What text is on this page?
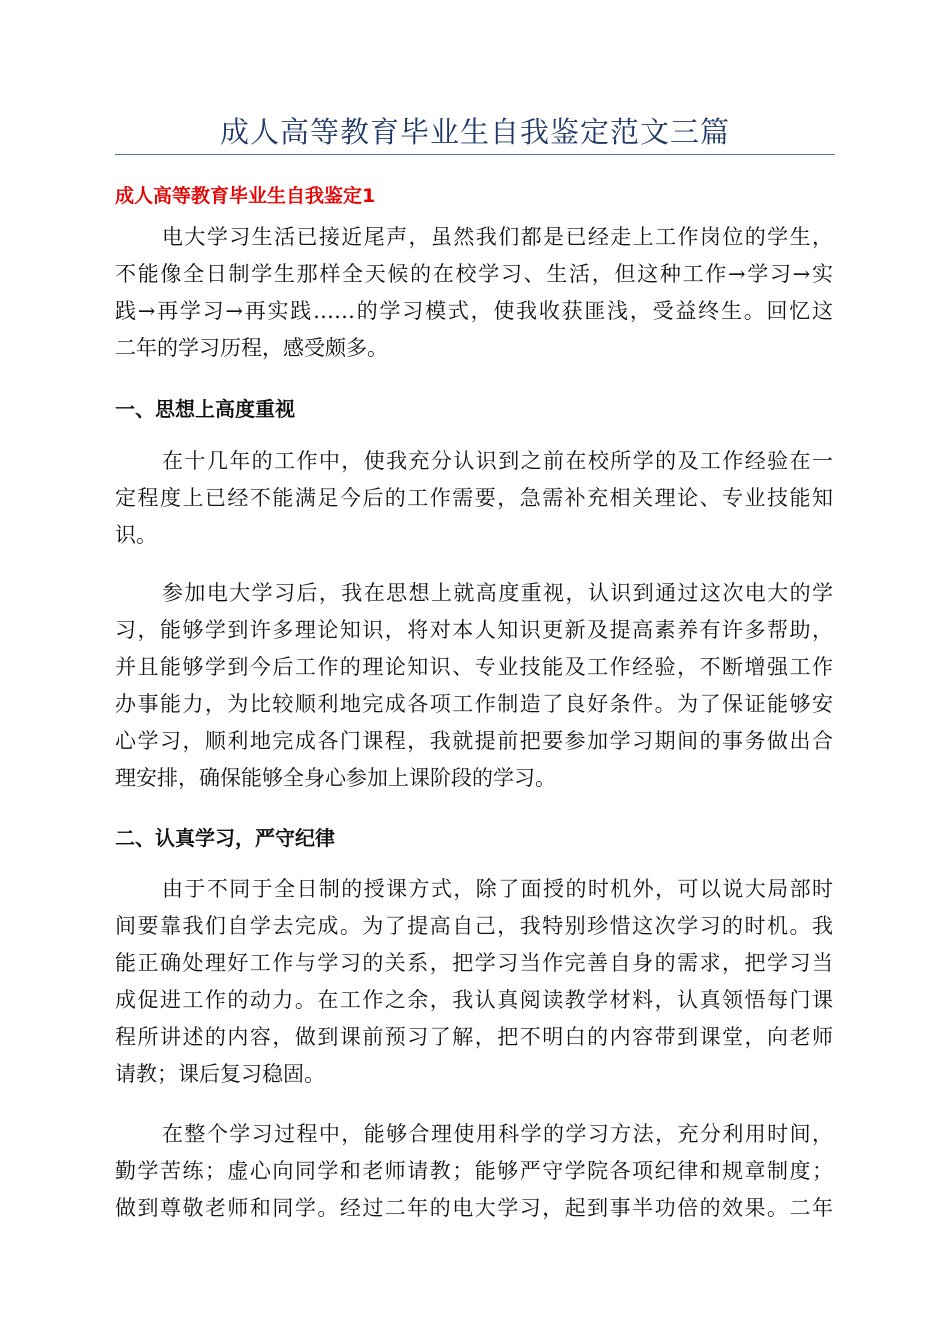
成人高等教育毕业生自我鉴定范文三篇
成人高等教育毕业生自我鉴定1
电大学习生活已接近尾声，虽然我们都是已经走上工作岗位的学生，
不能像全日制学生那样全天候的在校学习、生活，但这种工作→学习→实
践→再学习→再实践……的学习模式，使我收获匪浅，受益终生。回忆这
二年的学习历程，感受颇多。
一、思想上高度重视
在十几年的工作中，使我充分认识到之前在校所学的及工作经验在一
定程度上已经不能满足今后的工作需要，急需补充相关理论、专业技能知
识。
参加电大学习后，我在思想上就高度重视，认识到通过这次电大的学
习，能够学到许多理论知识，将对本人知识更新及提高素养有许多帮助，
并且能够学到今后工作的理论知识、专业技能及工作经验，不断增强工作
办事能力，为比较顺利地完成各项工作制造了良好条件。为了保证能够安
心学习，顺利地完成各门课程，我就提前把要参加学习期间的事务做出合
理安排，确保能够全身心参加上课阶段的学习。
二、认真学习，严守纪律
由于不同于全日制的授课方式，除了面授的时机外，可以说大局部时
间要靠我们自学去完成。为了提高自己，我特别珍惜这次学习的时机。我
能正确处理好工作与学习的关系，把学习当作完善自身的需求，把学习当
成促进工作的动力。在工作之余，我认真阅读教学材料，认真领悟每门课
程所讲述的内容，做到课前预习了解，把不明白的内容带到课堂，向老师
请教；课后复习稳固。
在整个学习过程中，能够合理使用科学的学习方法，充分利用时间，
勤学苦练；虚心向同学和老师请教；能够严守学院各项纪律和规章制度；
做到尊敬老师和同学。经过二年的电大学习，起到事半功倍的效果。二年
